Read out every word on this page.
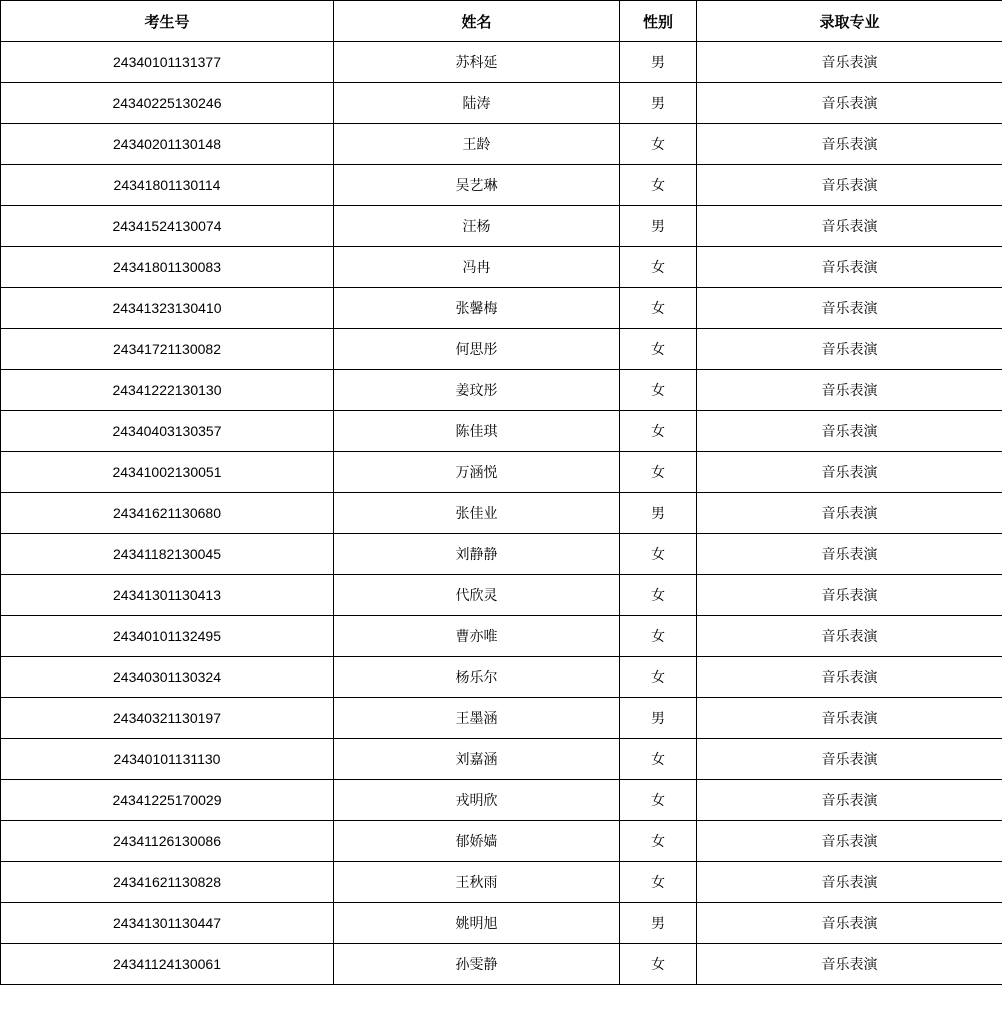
考生号	姓名	性别	录取专业
24340101131377	苏科延	男	音乐表演
24340225130246	陆涛	男	音乐表演
24340201130148	王龄	女	音乐表演
24341801130114	吴艺琳	女	音乐表演
24341524130074	汪杨	男	音乐表演
24341801130083	冯冉	女	音乐表演
24341323130410	张馨梅	女	音乐表演
24341721130082	何思彤	女	音乐表演
24341222130130	姜玟彤	女	音乐表演
24340403130357	陈佳琪	女	音乐表演
24341002130051	万涵悦	女	音乐表演
24341621130680	张佳业	男	音乐表演
24341182130045	刘静静	女	音乐表演
24341301130413	代欣灵	女	音乐表演
24340101132495	曹亦唯	女	音乐表演
24340301130324	杨乐尔	女	音乐表演
24340321130197	王墨涵	男	音乐表演
24340101131130	刘嘉涵	女	音乐表演
24341225170029	戎明欣	女	音乐表演
24341126130086	郁娇嫱	女	音乐表演
24341621130828	王秋雨	女	音乐表演
24341301130447	姚明旭	男	音乐表演
24341124130061	孙雯静	女	音乐表演
